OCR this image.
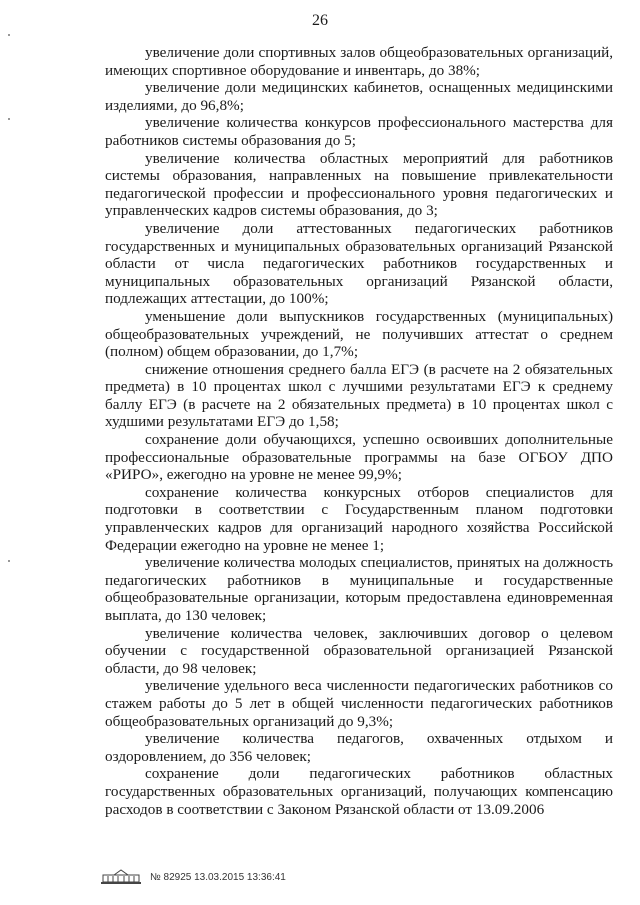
26

увеличение доли спортивных залов общеобразовательных организаций, имеющих спортивное оборудование и инвентарь, до 38%;

увеличение доли медицинских кабинетов, оснащенных медицинскими изделиями, до 96,8%;

увеличение количества конкурсов профессионального мастерства для работников системы образования до 5;

увеличение количества областных мероприятий для работников системы образования, направленных на повышение привлекательности педагогической профессии и профессионального уровня педагогических и управленческих кадров системы образования, до 3;

увеличение доли аттестованных педагогических работников государственных и муниципальных образовательных организаций Рязанской области от числа педагогических работников государственных и муниципальных образовательных организаций Рязанской области, подлежащих аттестации, до 100%;

уменьшение доли выпускников государственных (муниципальных) общеобразовательных учреждений, не получивших аттестат о среднем (полном) общем образовании, до 1,7%;

снижение отношения среднего балла ЕГЭ (в расчете на 2 обязательных предмета) в 10 процентах школ с лучшими результатами ЕГЭ к среднему баллу ЕГЭ (в расчете на 2 обязательных предмета) в 10 процентах школ с худшими результатами ЕГЭ до 1,58;

сохранение доли обучающихся, успешно освоивших дополнительные профессиональные образовательные программы на базе ОГБОУ ДПО «РИРО», ежегодно на уровне не менее 99,9%;

сохранение количества конкурсных отборов специалистов для подготовки в соответствии с Государственным планом подготовки управленческих кадров для организаций народного хозяйства Российской Федерации ежегодно на уровне не менее 1;

увеличение количества молодых специалистов, принятых на должность педагогических работников в муниципальные и государственные общеобразовательные организации, которым предоставлена единовременная выплата, до 130 человек;

увеличение количества человек, заключивших договор о целевом обучении с государственной образовательной организацией Рязанской области, до 98 человек;

увеличение удельного веса численности педагогических работников со стажем работы до 5 лет в общей численности педагогических работников общеобразовательных организаций до 9,3%;

увеличение количества педагогов, охваченных отдыхом и оздоровлением, до 356 человек;

сохранение доли педагогических работников областных государственных образовательных организаций, получающих компенсацию расходов в соответствии с Законом Рязанской области от 13.09.2006

№ 82925 13.03.2015 13:36:41
